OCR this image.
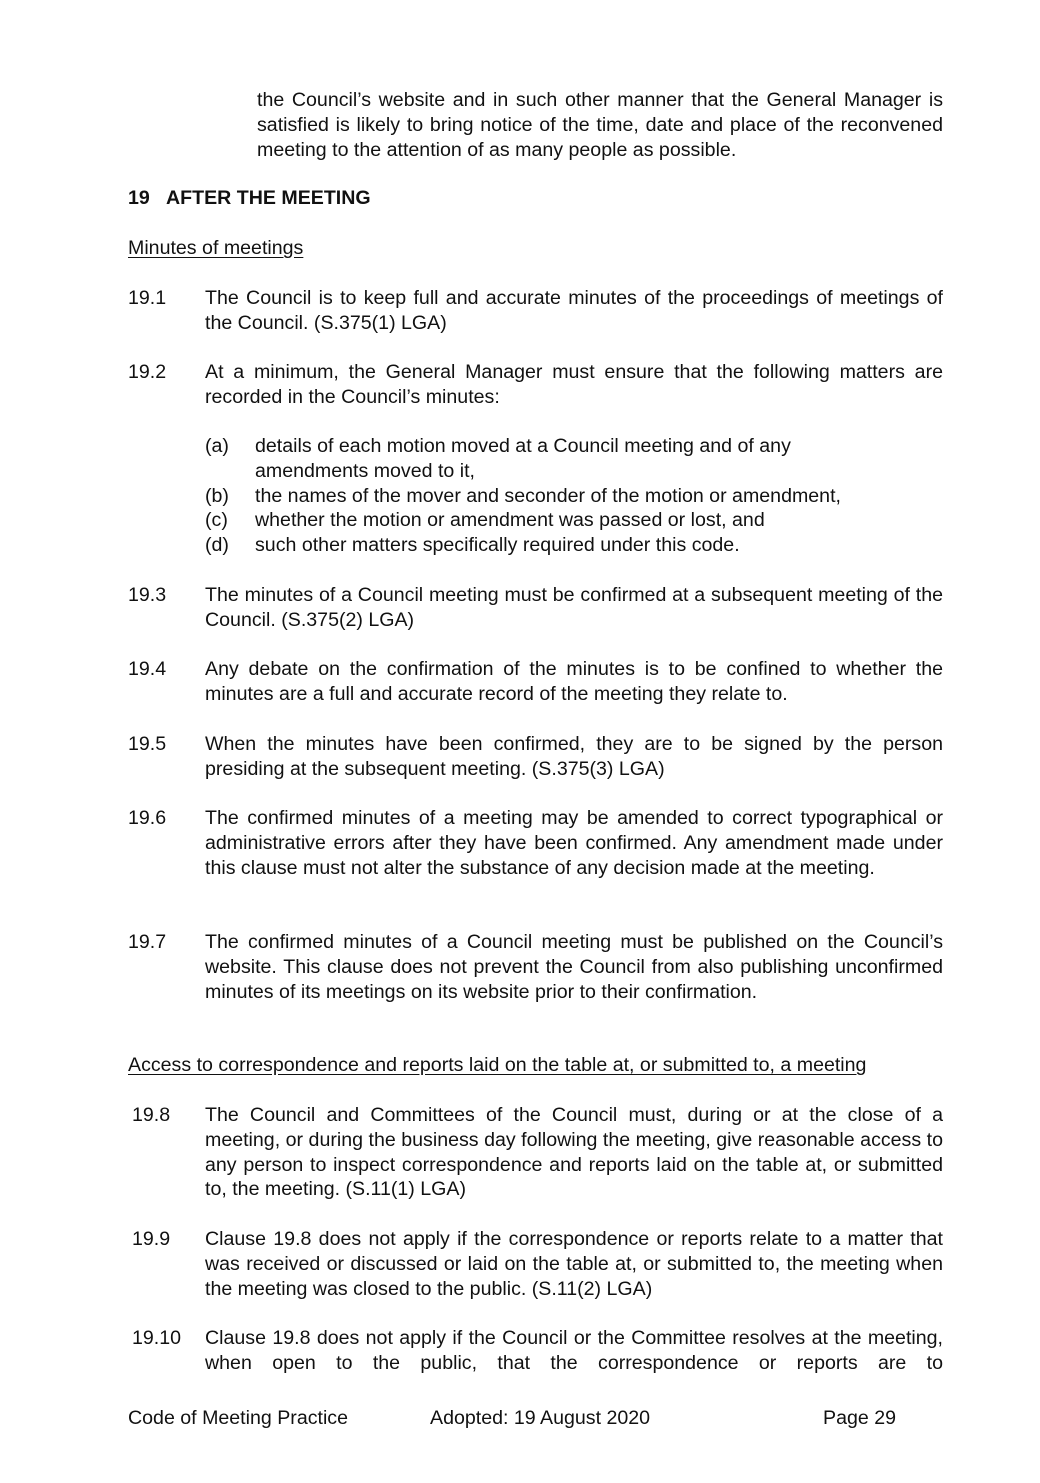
the Council’s website and in such other manner that the General Manager is satisfied is likely to bring notice of the time, date and place of the reconvened meeting to the attention of as many people as possible.
19 AFTER THE MEETING
Minutes of meetings
19.1 The Council is to keep full and accurate minutes of the proceedings of meetings of the Council. (S.375(1) LGA)
19.2 At a minimum, the General Manager must ensure that the following matters are recorded in the Council’s minutes:
(a) details of each motion moved at a Council meeting and of any amendments moved to it,
(b) the names of the mover and seconder of the motion or amendment,
(c) whether the motion or amendment was passed or lost, and
(d) such other matters specifically required under this code.
19.3 The minutes of a Council meeting must be confirmed at a subsequent meeting of the Council. (S.375(2) LGA)
19.4 Any debate on the confirmation of the minutes is to be confined to whether the minutes are a full and accurate record of the meeting they relate to.
19.5 When the minutes have been confirmed, they are to be signed by the person presiding at the subsequent meeting. (S.375(3) LGA)
19.6 The confirmed minutes of a meeting may be amended to correct typographical or administrative errors after they have been confirmed. Any amendment made under this clause must not alter the substance of any decision made at the meeting.
19.7 The confirmed minutes of a Council meeting must be published on the Council’s website. This clause does not prevent the Council from also publishing unconfirmed minutes of its meetings on its website prior to their confirmation.
Access to correspondence and reports laid on the table at, or submitted to, a meeting
19.8 The Council and Committees of the Council must, during or at the close of a meeting, or during the business day following the meeting, give reasonable access to any person to inspect correspondence and reports laid on the table at, or submitted to, the meeting. (S.11(1) LGA)
19.9 Clause 19.8 does not apply if the correspondence or reports relate to a matter that was received or discussed or laid on the table at, or submitted to, the meeting when the meeting was closed to the public. (S.11(2) LGA)
19.10 Clause 19.8 does not apply if the Council or the Committee resolves at the meeting, when open to the public, that the correspondence or reports are to
Code of Meeting Practice	Adopted: 19 August 2020	Page 29
